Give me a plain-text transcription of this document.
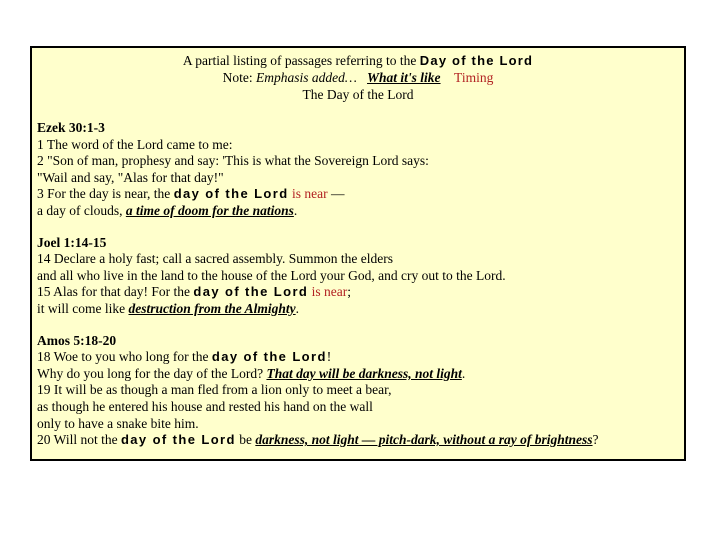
A partial listing of passages referring to the Day of the Lord
Note: Emphasis added… What it's like Timing
The Day of the Lord
Ezek 30:1-3
1 The word of the Lord came to me:
2 "Son of man, prophesy and say: 'This is what the Sovereign Lord says:
"Wail and say, "Alas for that day!"
3 For the day is near, the day of the Lord is near —
a day of clouds, a time of doom for the nations.
Joel 1:14-15
14 Declare a holy fast; call a sacred assembly. Summon the elders
and all who live in the land to the house of the Lord your God, and cry out to the Lord.
15 Alas for that day! For the day of the Lord is near;
it will come like destruction from the Almighty.
Amos 5:18-20
18 Woe to you who long for the day of the Lord!
Why do you long for the day of the Lord? That day will be darkness, not light.
19 It will be as though a man fled from a lion only to meet a bear,
as though he entered his house and rested his hand on the wall
only to have a snake bite him.
20 Will not the day of the Lord be darkness, not light — pitch-dark, without a ray of brightness?
